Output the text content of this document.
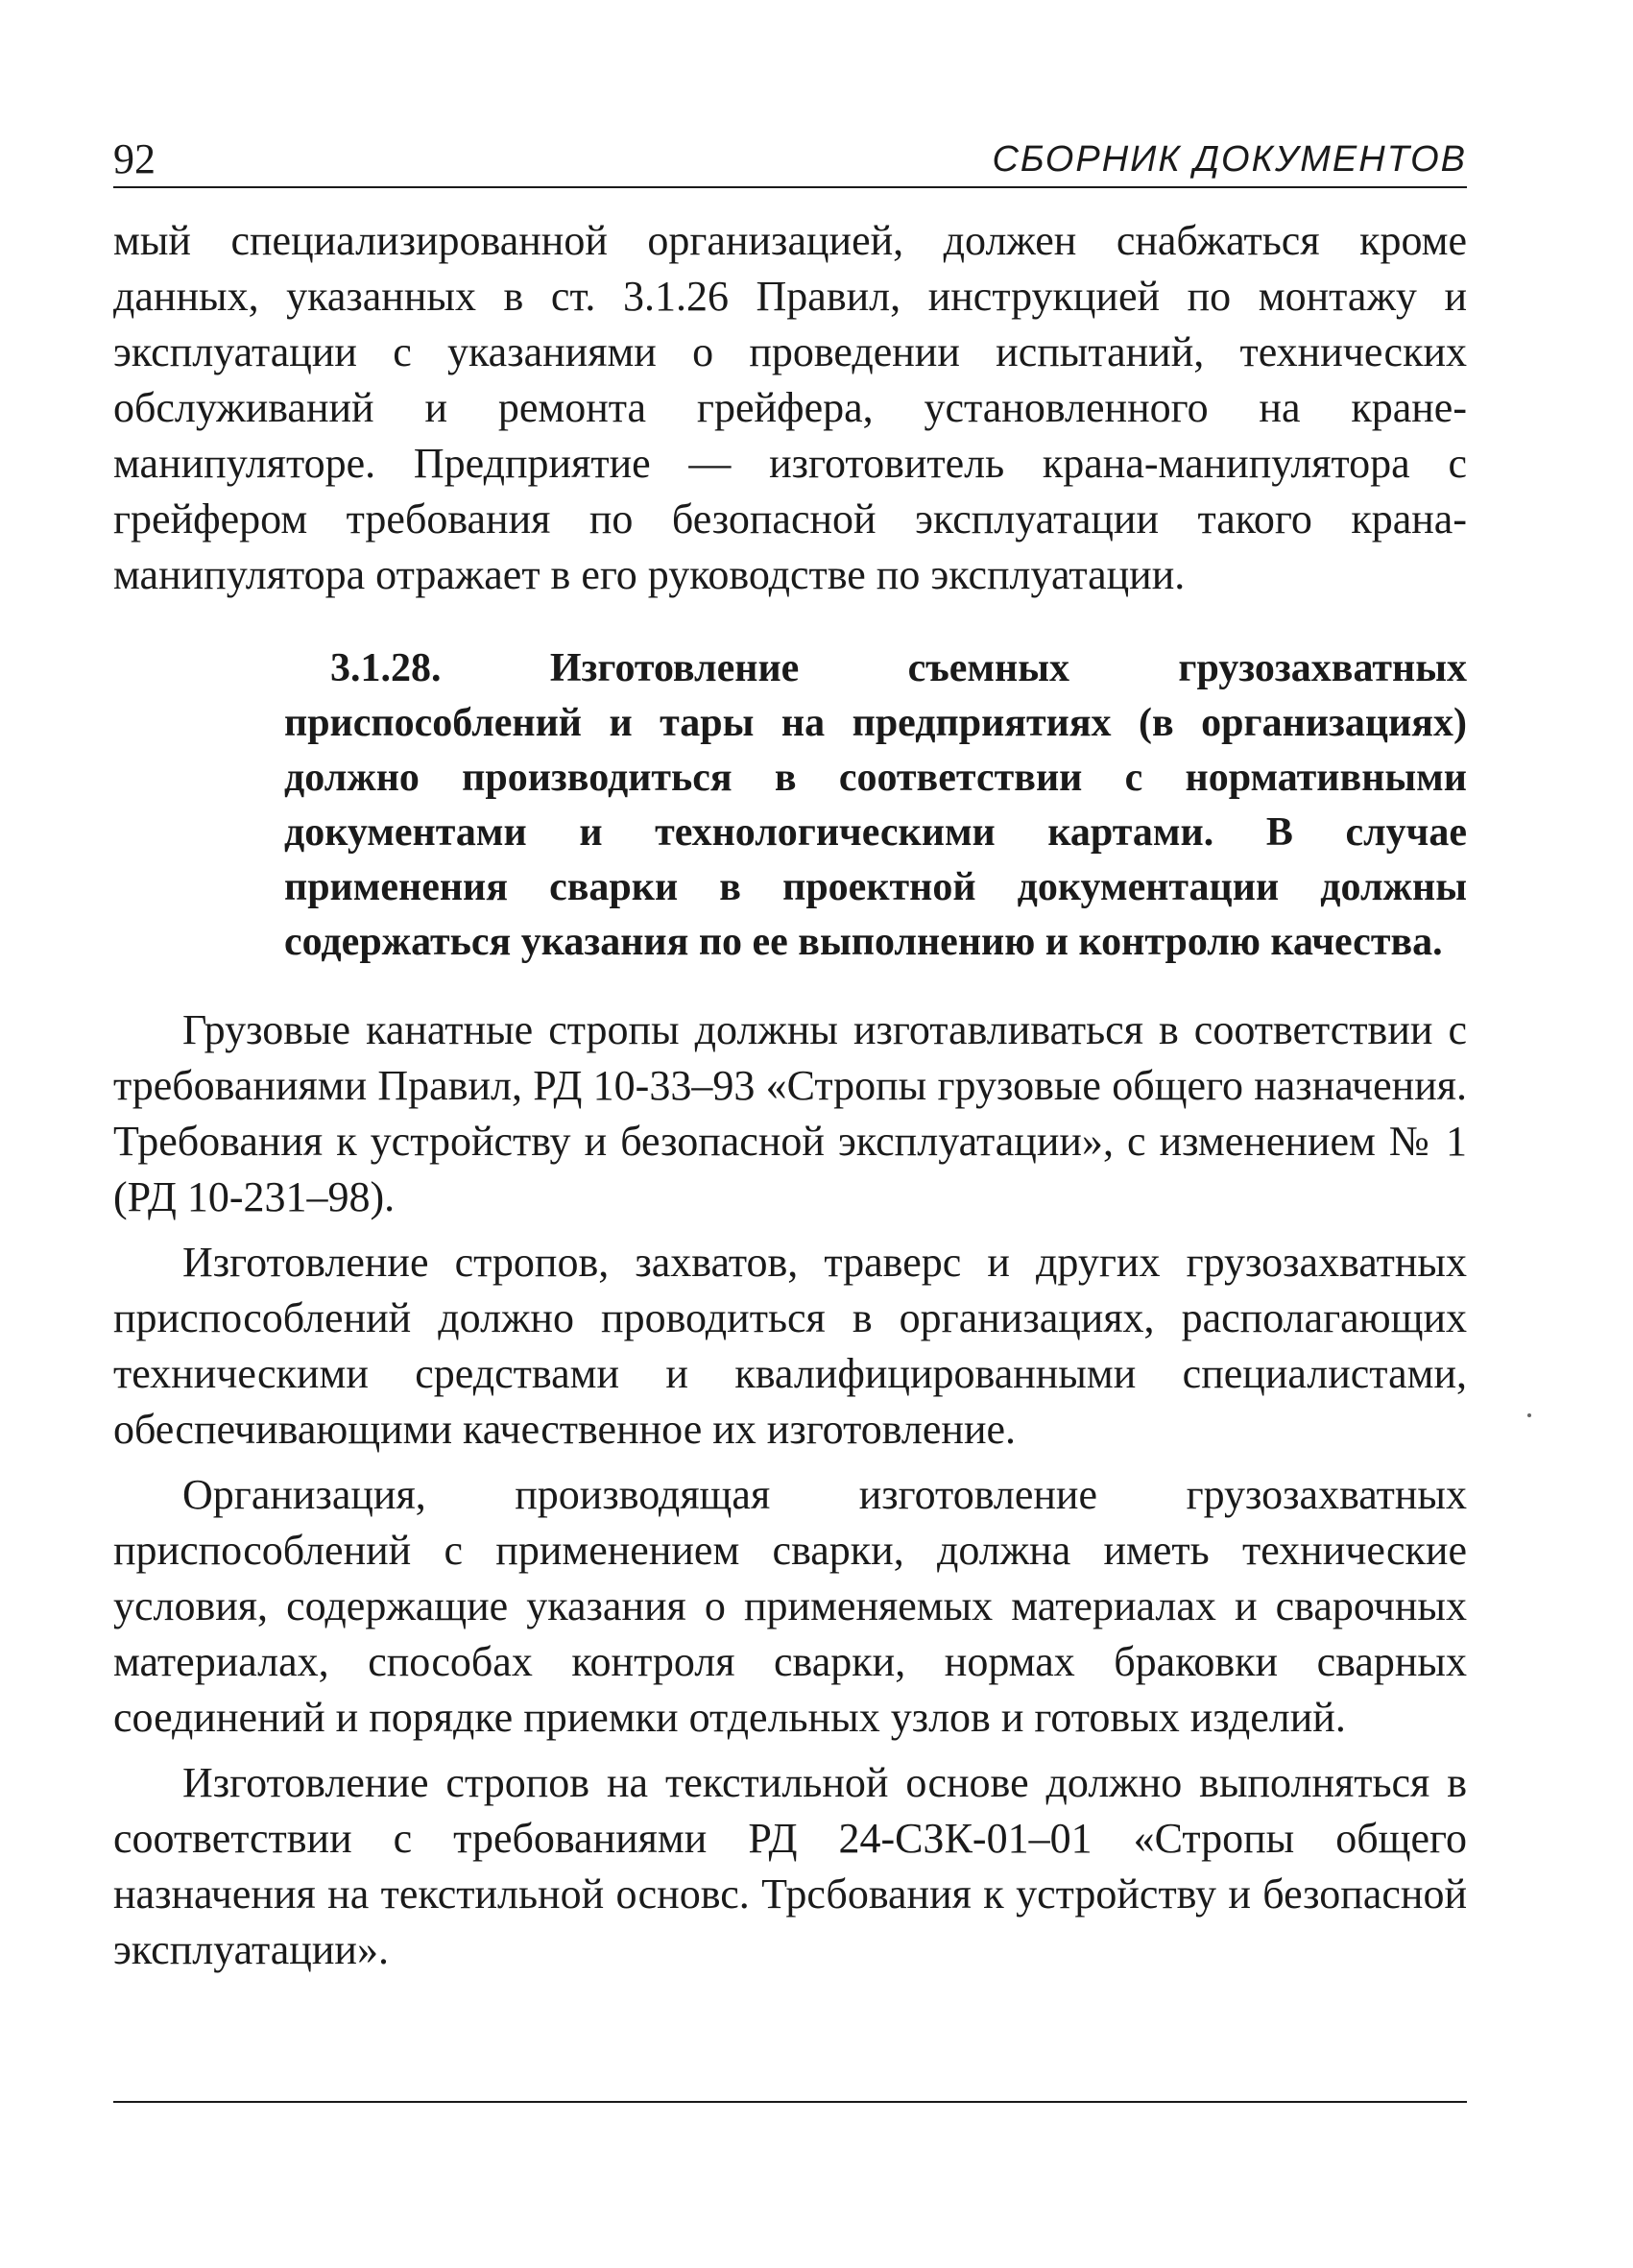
92	СБОРНИК ДОКУМЕНТОВ

мый специализированной организацией, должен снабжаться кроме данных, указанных в ст. 3.1.26 Правил, инструкцией по монтажу и эксплуатации с указаниями о проведении испытаний, технических обслуживаний и ремонта грейфера, установленного на кране-манипуляторе. Предприятие — изготовитель крана-манипулятора с грейфером требования по безопасной эксплуатации такого крана-манипулятора отражает в его руководстве по эксплуатации.

3.1.28. Изготовление съемных грузозахватных приспособлений и тары на предприятиях (в организациях) должно производиться в соответствии с нормативными документами и технологическими картами. В случае применения сварки в проектной документации должны содержаться указания по ее выполнению и контролю качества.

Грузовые канатные стропы должны изготавливаться в соответствии с требованиями Правил, РД 10-33–93 «Стропы грузовые общего назначения. Требования к устройству и безопасной эксплуатации», с изменением № 1 (РД 10-231–98).

Изготовление стропов, захватов, траверс и других грузозахватных приспособлений должно проводиться в организациях, располагающих техническими средствами и квалифицированными специалистами, обеспечивающими качественное их изготовление.

Организация, производящая изготовление грузозахватных приспособлений с применением сварки, должна иметь технические условия, содержащие указания о применяемых материалах и сварочных материалах, способах контроля сварки, нормах браковки сварных соединений и порядке приемки отдельных узлов и готовых изделий.

Изготовление стропов на текстильной основе должно выполняться в соответствии с требованиями РД 24-СЗК-01–01 «Стропы общего назначения на текстильной основс. Трсбования к устройству и безопасной эксплуатации».
